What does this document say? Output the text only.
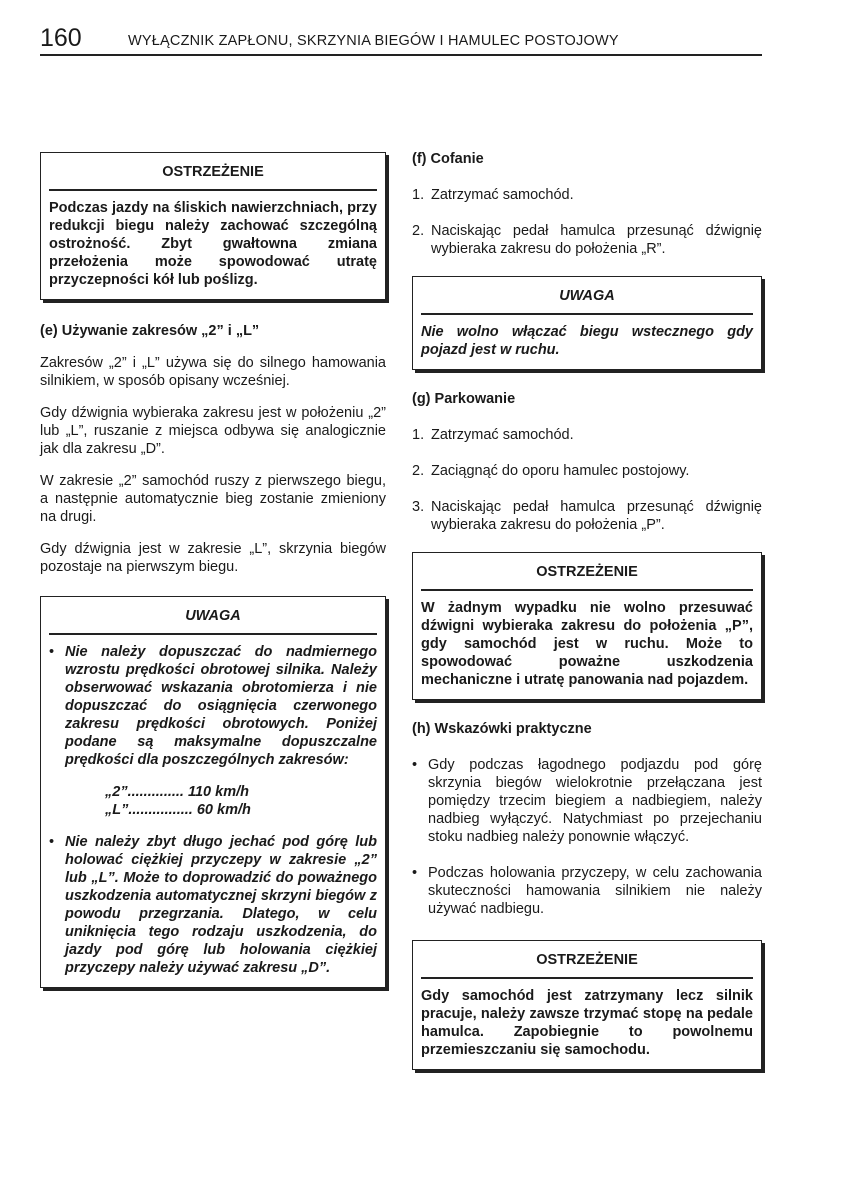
160	WYŁĄCZNIK ZAPŁONU, SKRZYNIA BIEGÓW I HAMULEC POSTOJOWY
OSTRZEŻENIE

Podczas jazdy na śliskich nawierzchniach, przy redukcji biegu należy zachować szczególną ostrożność. Zbyt gwałtowna zmiana przełożenia może spowodować utratę przyczepności kół lub poślizg.

(e) Używanie zakresów „2” i „L”

Zakresów „2” i „L” używa się do silnego hamowania silnikiem, w sposób opisany wcześniej.

Gdy dźwignia wybieraka zakresu jest w położeniu „2” lub „L”, ruszanie z miejsca odbywa się analogicznie jak dla zakresu „D”.

W zakresie „2” samochód ruszy z pierwszego biegu, a następnie automatycznie bieg zostanie zmieniony na drugi.

Gdy dźwignia jest w zakresie „L”, skrzynia biegów pozostaje na pierwszym biegu.

UWAGA
• Nie należy dopuszczać do nadmiernego wzrostu prędkości obrotowej silnika. Należy obserwować wskazania obrotomierza i nie dopuszczać do osiągnięcia czerwonego zakresu prędkości obrotowych. Poniżej podane są maksymalne dopuszczalne prędkości dla poszczególnych zakresów:

„2”.............. 110 km/h

„L”................ 60 km/h

• Nie należy zbyt długo jechać pod górę lub holować ciężkiej przyczepy w zakresie „2” lub „L”. Może to doprowadzić do poważnego uszkodzenia automatycznej skrzyni biegów z powodu przegrzania. Dlatego, w celu uniknięcia tego rodzaju uszkodzenia, do jazdy pod górę lub holowania ciężkiej przyczepy należy używać zakresu „D”.

(f) Cofanie

1. Zatrzymać samochód.

2. Naciskając pedał hamulca przesunąć dźwignię wybieraka zakresu do położenia „R”.

UWAGA

Nie wolno włączać biegu wstecznego gdy pojazd jest w ruchu.

(g) Parkowanie

1. Zatrzymać samochód.

2. Zaciągnąć do oporu hamulec postojowy.

3. Naciskając pedał hamulca przesunąć dźwignię wybieraka zakresu do położenia „P”.

OSTRZEŻENIE

W żadnym wypadku nie wolno przesuwać dźwigni wybieraka zakresu do położenia „P”, gdy samochód jest w ruchu. Może to spowodować poważne uszkodzenia mechaniczne i utratę panowania nad pojazdem.

(h) Wskazówki praktyczne

• Gdy podczas łagodnego podjazdu pod górę skrzynia biegów wielokrotnie przełączana jest pomiędzy trzecim biegiem a nadbiegiem, należy nadbieg wyłączyć. Natychmiast po przejechaniu stoku nadbieg należy ponownie włączyć.

• Podczas holowania przyczepy, w celu zachowania skuteczności hamowania silnikiem nie należy używać nadbiegu.

OSTRZEŻENIE

Gdy samochód jest zatrzymany lecz silnik pracuje, należy zawsze trzymać stopę na pedale hamulca. Zapobiegnie to powolnemu przemieszczaniu się samochodu.
